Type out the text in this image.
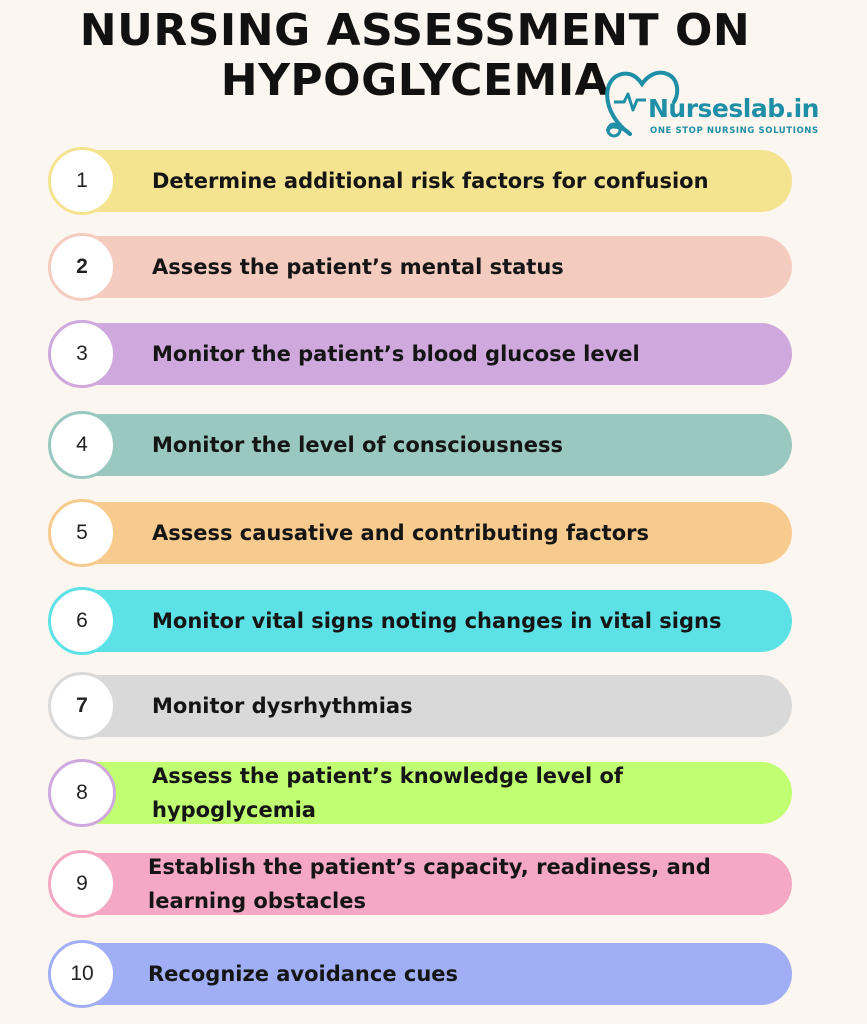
NURSING ASSESSMENT ON
HYPOGLYCEMIA
Nurseslab.in
ONE STOP NURSING SOLUTIONS
1	Determine additional risk factors for confusion
2	Assess the patient’s mental status
3	Monitor the patient’s blood glucose level
4	Monitor the level of consciousness
5	Assess causative and contributing factors
6	Monitor vital signs noting changes in vital signs
7	Monitor dysrhythmias
8
Assess the patient’s knowledge level of hypoglycemia
9
Establish the patient’s capacity, readiness, and learning obstacles
10	Recognize avoidance cues
